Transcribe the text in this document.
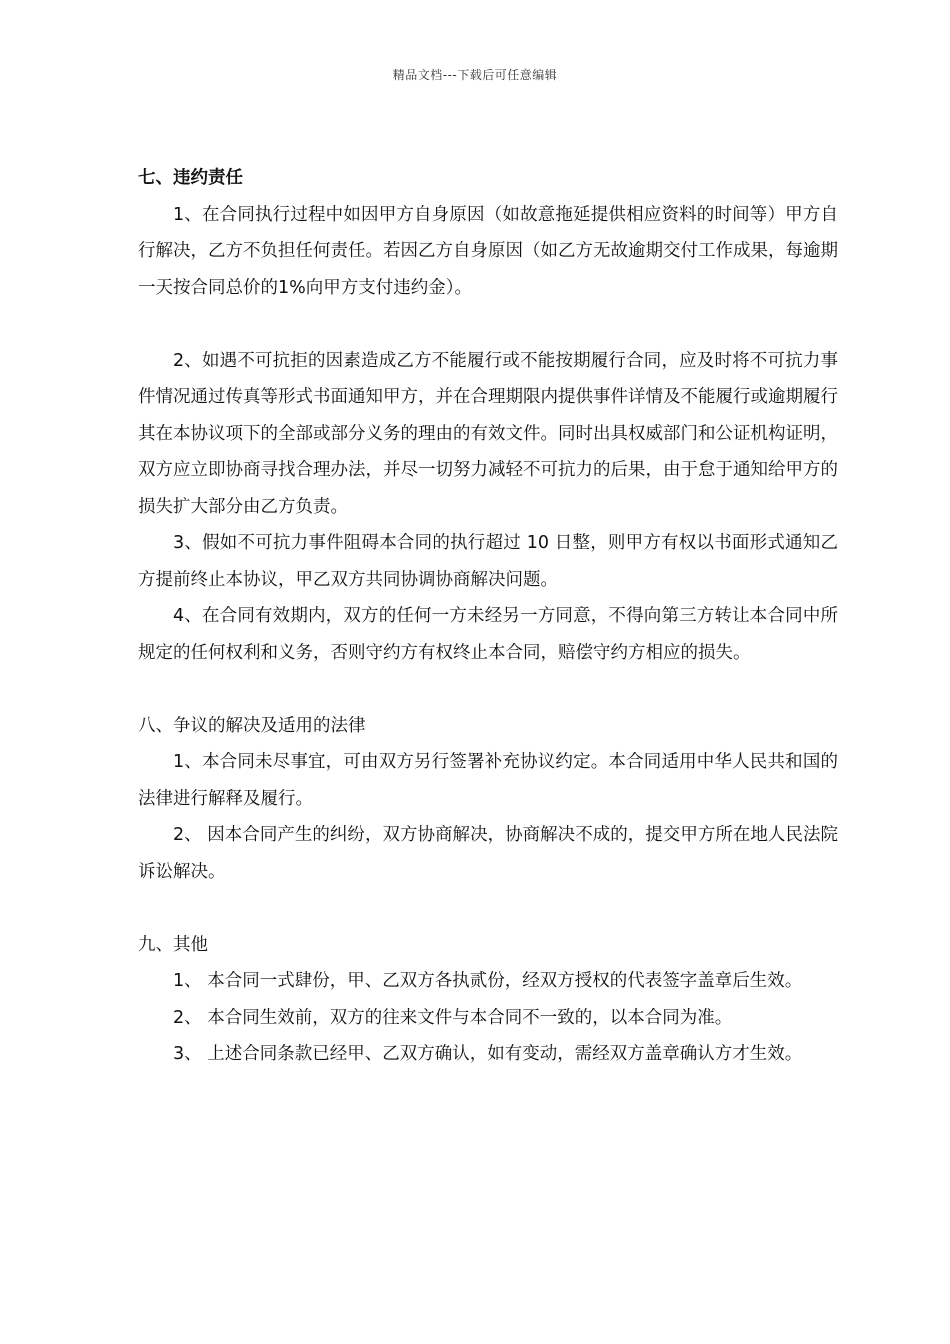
精品文档---下载后可任意编辑
七、违约责任

1、在合同执行过程中如因甲方自身原因（如故意拖延提供相应资料的时间等）甲方自行解决，乙方不负担任何责任。若因乙方自身原因（如乙方无故逾期交付工作成果，每逾期一天按合同总价的1%向甲方支付违约金）。

2、如遇不可抗拒的因素造成乙方不能履行或不能按期履行合同，应及时将不可抗力事件情况通过传真等形式书面通知甲方，并在合理期限内提供事件详情及不能履行或逾期履行其在本协议项下的全部或部分义务的理由的有效文件。同时出具权威部门和公证机构证明，双方应立即协商寻找合理办法，并尽一切努力减轻不可抗力的后果，由于怠于通知给甲方的损失扩大部分由乙方负责。

3、假如不可抗力事件阻碍本合同的执行超过 10 日整，则甲方有权以书面形式通知乙方提前终止本协议，甲乙双方共同协调协商解决问题。

4、在合同有效期内，双方的任何一方未经另一方同意，不得向第三方转让本合同中所规定的任何权利和义务，否则守约方有权终止本合同，赔偿守约方相应的损失。

八、争议的解决及适用的法律

1、本合同未尽事宜，可由双方另行签署补充协议约定。本合同适用中华人民共和国的法律进行解释及履行。

2、 因本合同产生的纠纷，双方协商解决，协商解决不成的，提交甲方所在地人民法院诉讼解决。

九、其他

1、 本合同一式肆份，甲、乙双方各执贰份，经双方授权的代表签字盖章后生效。

2、 本合同生效前，双方的往来文件与本合同不一致的，以本合同为准。

3、 上述合同条款已经甲、乙双方确认，如有变动，需经双方盖章确认方才生效。
